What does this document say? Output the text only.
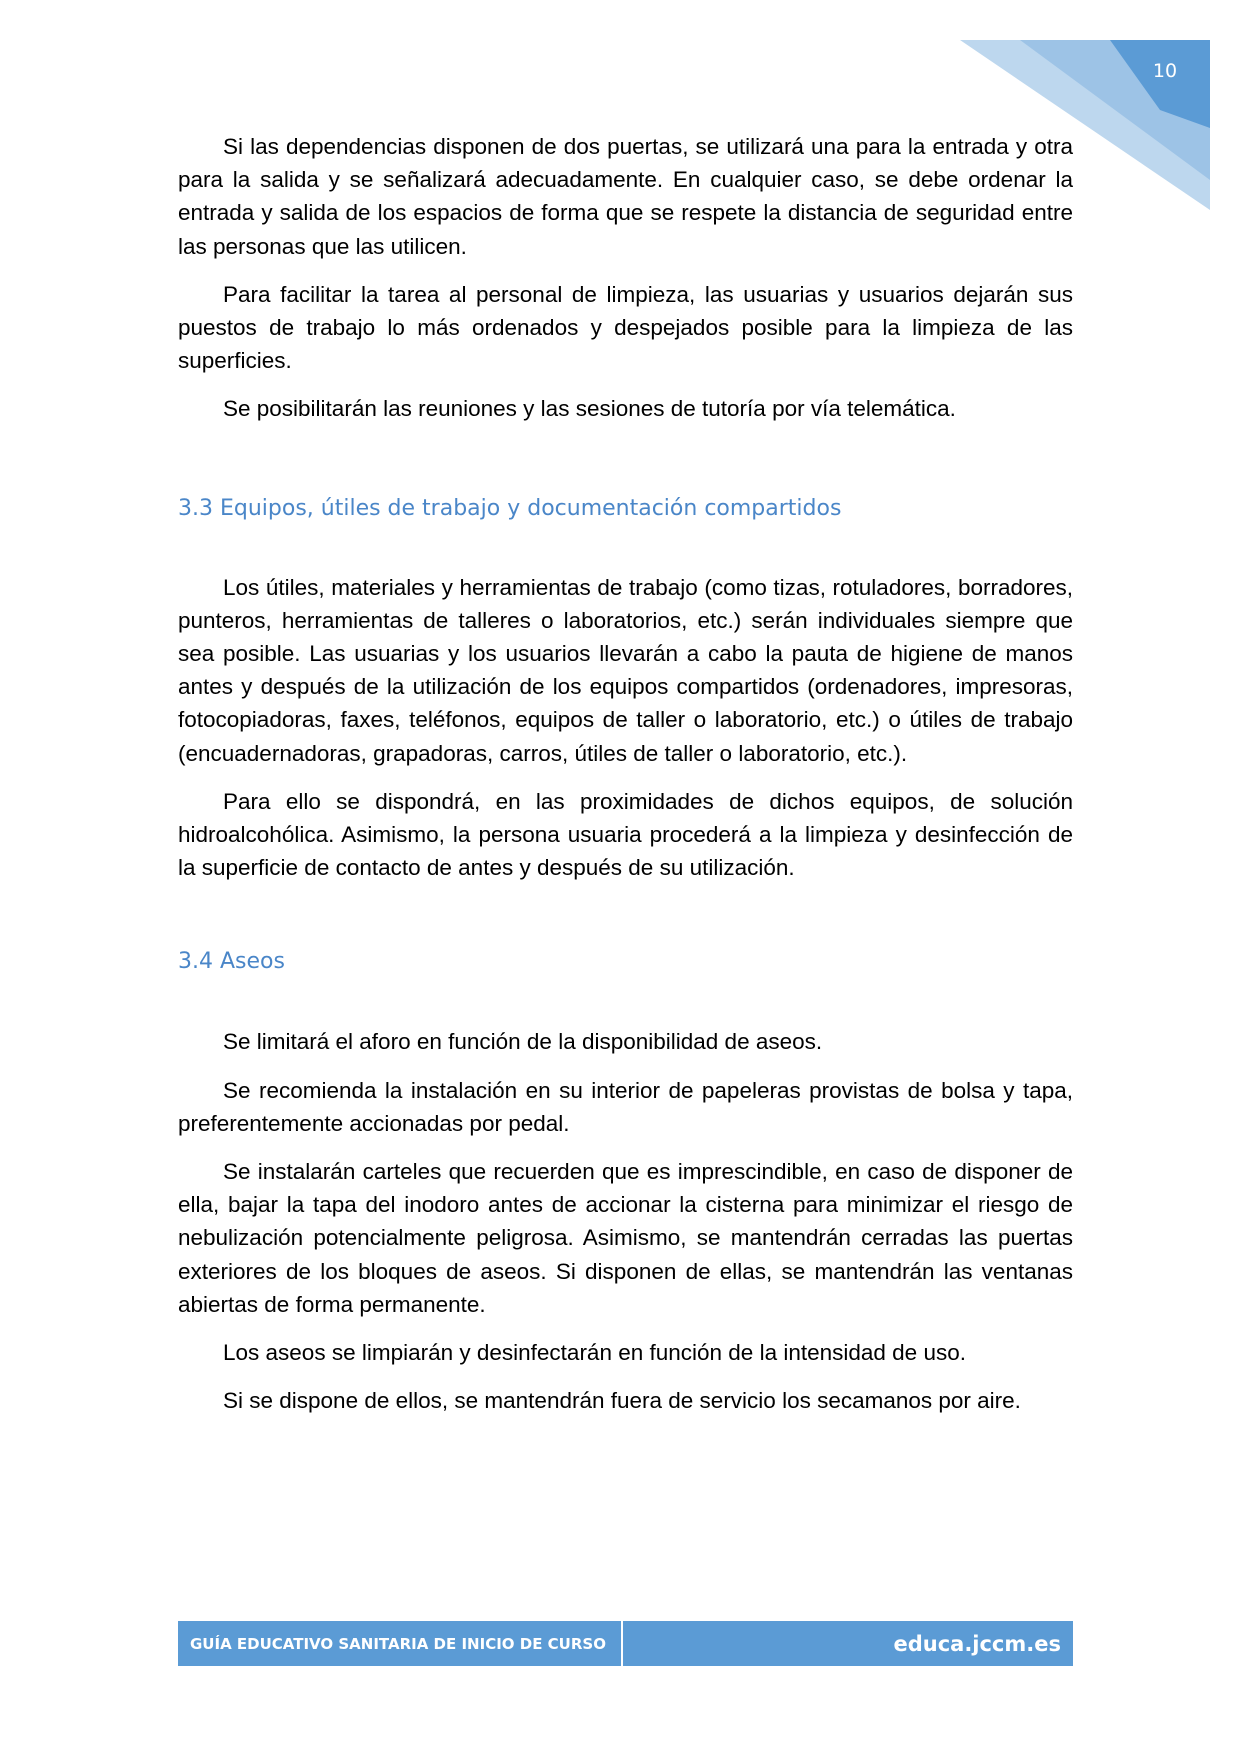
10

Si las dependencias disponen de dos puertas, se utilizará una para la entrada y otra para la salida y se señalizará adecuadamente. En cualquier caso, se debe ordenar la entrada y salida de los espacios de forma que se respete la distancia de seguridad entre las personas que las utilicen.

Para facilitar la tarea al personal de limpieza, las usuarias y usuarios dejarán sus puestos de trabajo lo más ordenados y despejados posible para la limpieza de las superficies.

Se posibilitarán las reuniones y las sesiones de tutoría por vía telemática.

3.3 Equipos, útiles de trabajo y documentación compartidos

Los útiles, materiales y herramientas de trabajo (como tizas, rotuladores, borradores, punteros, herramientas de talleres o laboratorios, etc.) serán individuales siempre que sea posible. Las usuarias y los usuarios llevarán a cabo la pauta de higiene de manos antes y después de la utilización de los equipos compartidos (ordenadores, impresoras, fotocopiadoras, faxes, teléfonos, equipos de taller o laboratorio, etc.) o útiles de trabajo (encuadernadoras, grapadoras, carros, útiles de taller o laboratorio, etc.).

Para ello se dispondrá, en las proximidades de dichos equipos, de solución hidroalcohólica. Asimismo, la persona usuaria procederá a la limpieza y desinfección de la superficie de contacto de antes y después de su utilización.

3.4 Aseos

Se limitará el aforo en función de la disponibilidad de aseos.

Se recomienda la instalación en su interior de papeleras provistas de bolsa y tapa, preferentemente accionadas por pedal.

Se instalarán carteles que recuerden que es imprescindible, en caso de disponer de ella, bajar la tapa del inodoro antes de accionar la cisterna para minimizar el riesgo de nebulización potencialmente peligrosa. Asimismo, se mantendrán cerradas las puertas exteriores de los bloques de aseos. Si disponen de ellas, se mantendrán las ventanas abiertas de forma permanente.

Los aseos se limpiarán y desinfectarán en función de la intensidad de uso.

Si se dispone de ellos, se mantendrán fuera de servicio los secamanos por aire.

GUÍA EDUCATIVO SANITARIA DE INICIO DE CURSO	educa.jccm.es
